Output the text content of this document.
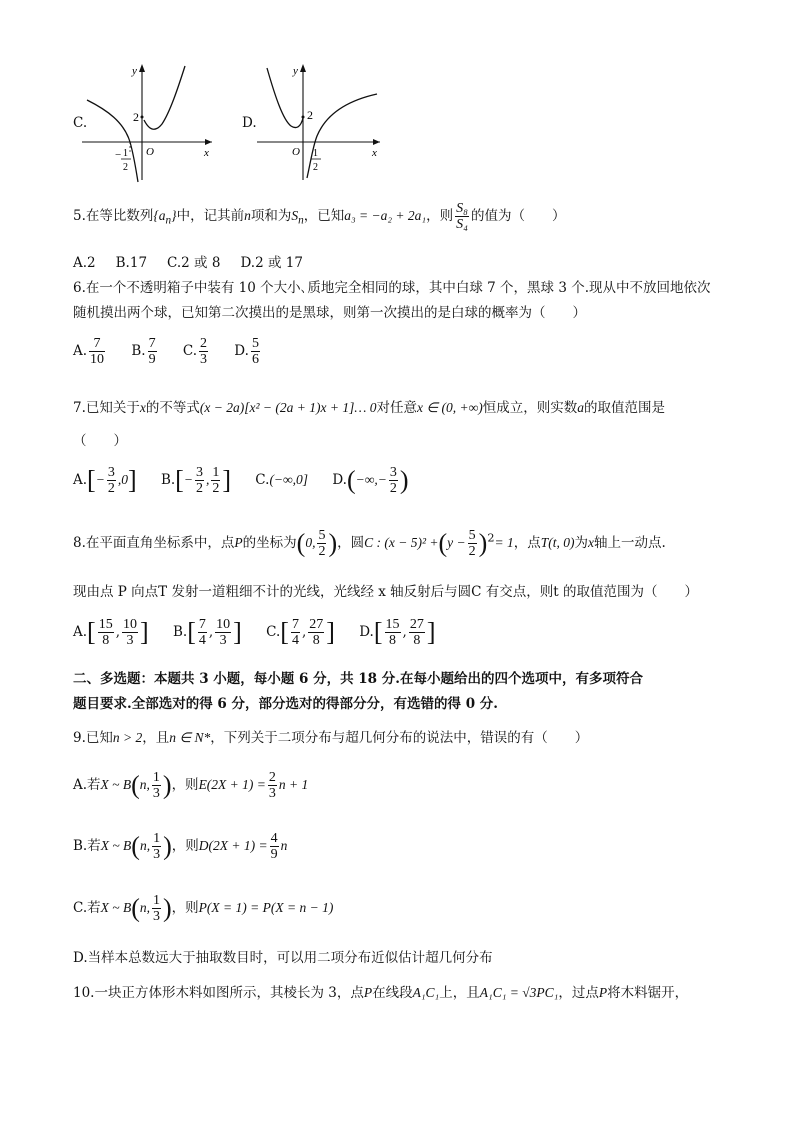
C.
y
x
2
O
− 1
2
D.
y
x
2
O 1
2
5.在等比数列$\{a_n\}$中，记其前n项和为$S_n$，已知a₃ = −a₂ + 2a₁，则 $\frac{\text{S₈}}{\text{S₄}}$ 的值为（　　）
A.2 B.17 C.2 或 8 D.2 或 17
6.在一个不透明箱子中装有 10 个大小､质地完全相同的球，其中白球 7 个，黑球 3 个.现从中不放回地依次
随机摸出两个球，已知第二次摸出的是黑球，则第一次摸出的是白球的概率为（　　）
A. $\frac{7}{10} B$. $\frac{7}{9} C$. $\frac{2}{3} D$. $\frac{5}{6}$
7.已知关于x的不等式(x − 2a)[x² − (2a + 1)x + 1]… 0对任意x ∈ (0, +∞)恒成立，则实数a的取值范围是
（　　）
$A.[- \frac{3}{2} ,0]$ $B.[- \frac{3}{2}$ , $\frac{1}{2}$ ] C.(−∞,0] $D.(-\infty,- \frac{3}{2}$ )
8.在平面直角坐标系中，点P的坐标为(0, $\frac{5}{2}$ )，圆C : $(x - 5)^2 +(y - \frac{5}{2} )^2= 1$，点T(t, 0)为x轴上一动点.
现由点 P 向点T 发射一道粗细不计的光线，光线经 x 轴反射后与圆C 有交点，则t 的取值范围为（　　）
$A.[ \frac{15}{8}$ , $\frac{10}{3}$ ] $B.[ \frac{7}{4}$ , $\frac{10}{3}$ ] $C.[ \frac{7}{4}$ , $\frac{27}{8}$ ] $D.[ \frac{15}{8}$ , $\frac{27}{8}$ ]
二、多选题：本题共 3 小题，每小题 6 分，共 18 分.在每小题给出的四个选项中，有多项符合
题目要求.全部选对的得 6 分，部分选对的得部分分，有选错的得 0 分.
9.已知n > 2，且n ∈ N*，下列关于二项分布与超几何分布的说法中，错误的有（　　）
A.若X ~ B(n, $\frac{1}{3}$ )，则$E(2X + 1) = \frac{2}{3}$ n + 1
B.若X ~ B(n, $\frac{1}{3}$ )，则$D(2X + 1) = \frac{4}{9}$ n
C.若X ~ B(n, $\frac{1}{3}$ )，则P(X = 1) = P(X = n − 1)
D.当样本总数远大于抽取数目时，可以用二项分布近似估计超几何分布
10.一块正方体形木料如图所示，其棱长为 3，点P在线段A₁C₁上，且A₁C₁ = √3PC₁，过点P将木料锯开，
